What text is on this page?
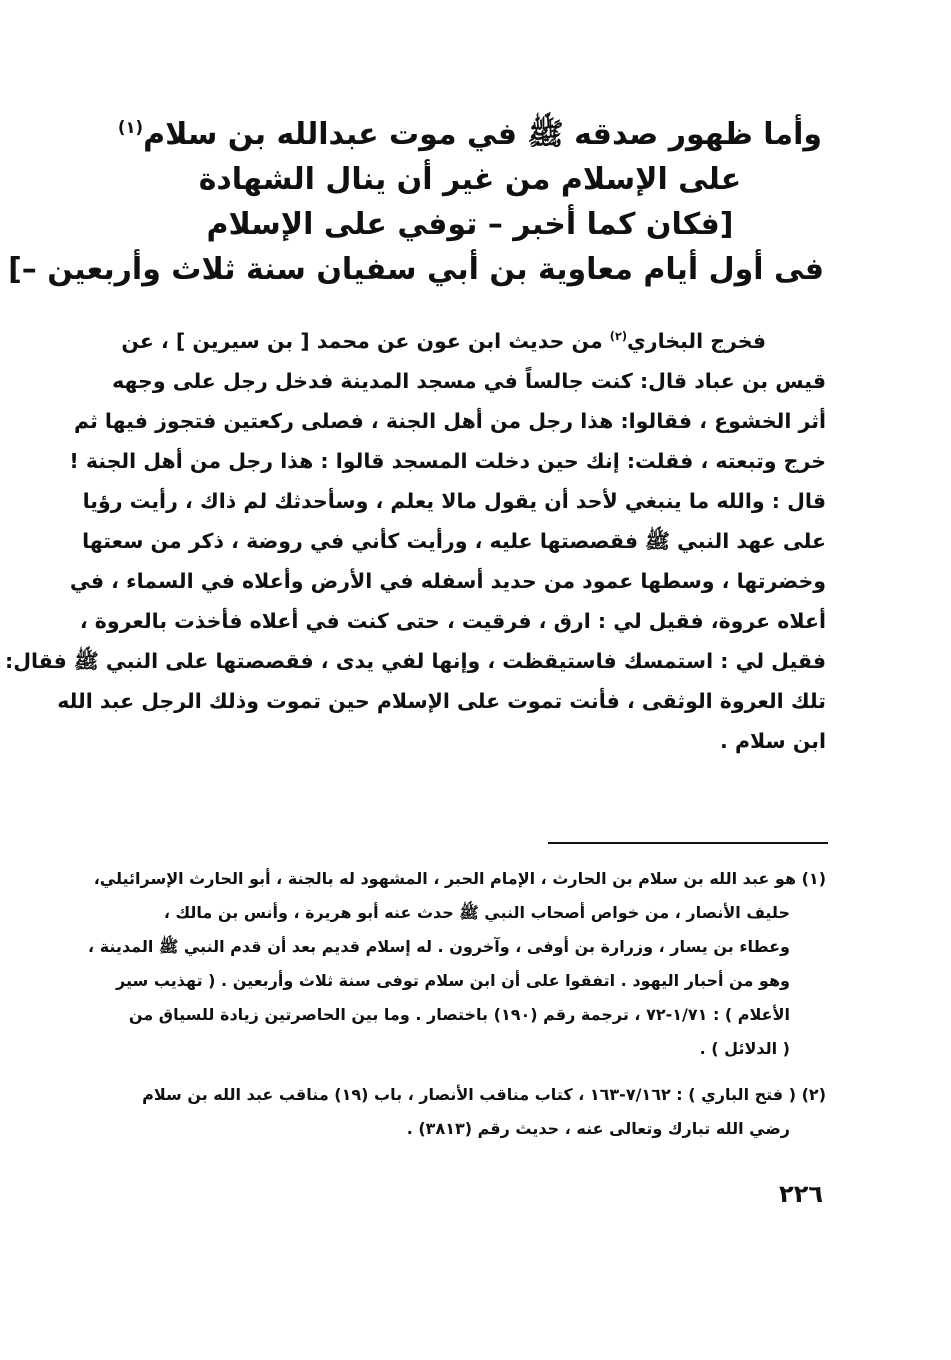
وأما ظهور صدقه ﷺ في موت عبدالله بن سلام$^{(١)}$
على الإسلام من غير أن ينال الشهادة
[فكان كما أخبر – توفي على الإسلام
فى أول أيام معاوية بن أبي سفيان سنة ثلاث وأربعين –]
فخرج البخاري$^{(٢)}$ من حديث ابن عون عن محمد [ بن سيرين ] ، عن
قيس بن عباد قال: كنت جالساً في مسجد المدينة فدخل رجل على وجهه
أثر الخشوع ، فقالوا: هذا رجل من أهل الجنة ، فصلى ركعتين فتجوز فيها ثم
خرج وتبعته ، فقلت: إنك حين دخلت المسجد قالوا : هذا رجل من أهل الجنة !
قال : والله ما ينبغي لأحد أن يقول مالا يعلم ، وسأحدثك لم ذاك ، رأيت رؤيا
على عهد النبي ﷺ فقصصتها عليه ، ورأيت كأني في روضة ، ذكر من سعتها
وخضرتها ، وسطها عمود من حديد أسفله في الأرض وأعلاه في السماء ، في
أعلاه عروة، فقيل لي : ارق ، فرقيت ، حتى كنت في أعلاه فأخذت بالعروة ،
فقيل لي : استمسك فاستيقظت ، وإنها لفي يدى ، فقصصتها على النبي ﷺ فقال:
تلك العروة الوثقى ، فأنت تموت على الإسلام حين تموت وذلك الرجل عبد الله
ابن سلام .
(١) هو عبد الله بن سلام بن الحارث ، الإمام الحبر ، المشهود له بالجنة ، أبو الحارث الإسرائيلي،
حليف الأنصار ، من خواص أصحاب النبي ﷺ حدث عنه أبو هريرة ، وأنس بن مالك ،
وعطاء بن يسار ، وزرارة بن أوفى ، وآخرون . له إسلام قديم بعد أن قدم النبي ﷺ المدينة ،
وهو من أحبار اليهود . اتفقوا على أن ابن سلام توفى سنة ثلاث وأربعين . ( تهذيب سير
الأعلام ) : ١/٧١-٧٢ ، ترجمة رقم (١٩٠) باختصار . وما بين الحاصرتين زيادة للسياق من
( الدلائل ) .
(٢) ( فتح الباري ) : ٧/١٦٢-١٦٣ ، كتاب مناقب الأنصار ، باب (١٩) مناقب عبد الله بن سلام
رضي الله تبارك وتعالى عنه ، حديث رقم (٣٨١٣) .
٢٢٦
